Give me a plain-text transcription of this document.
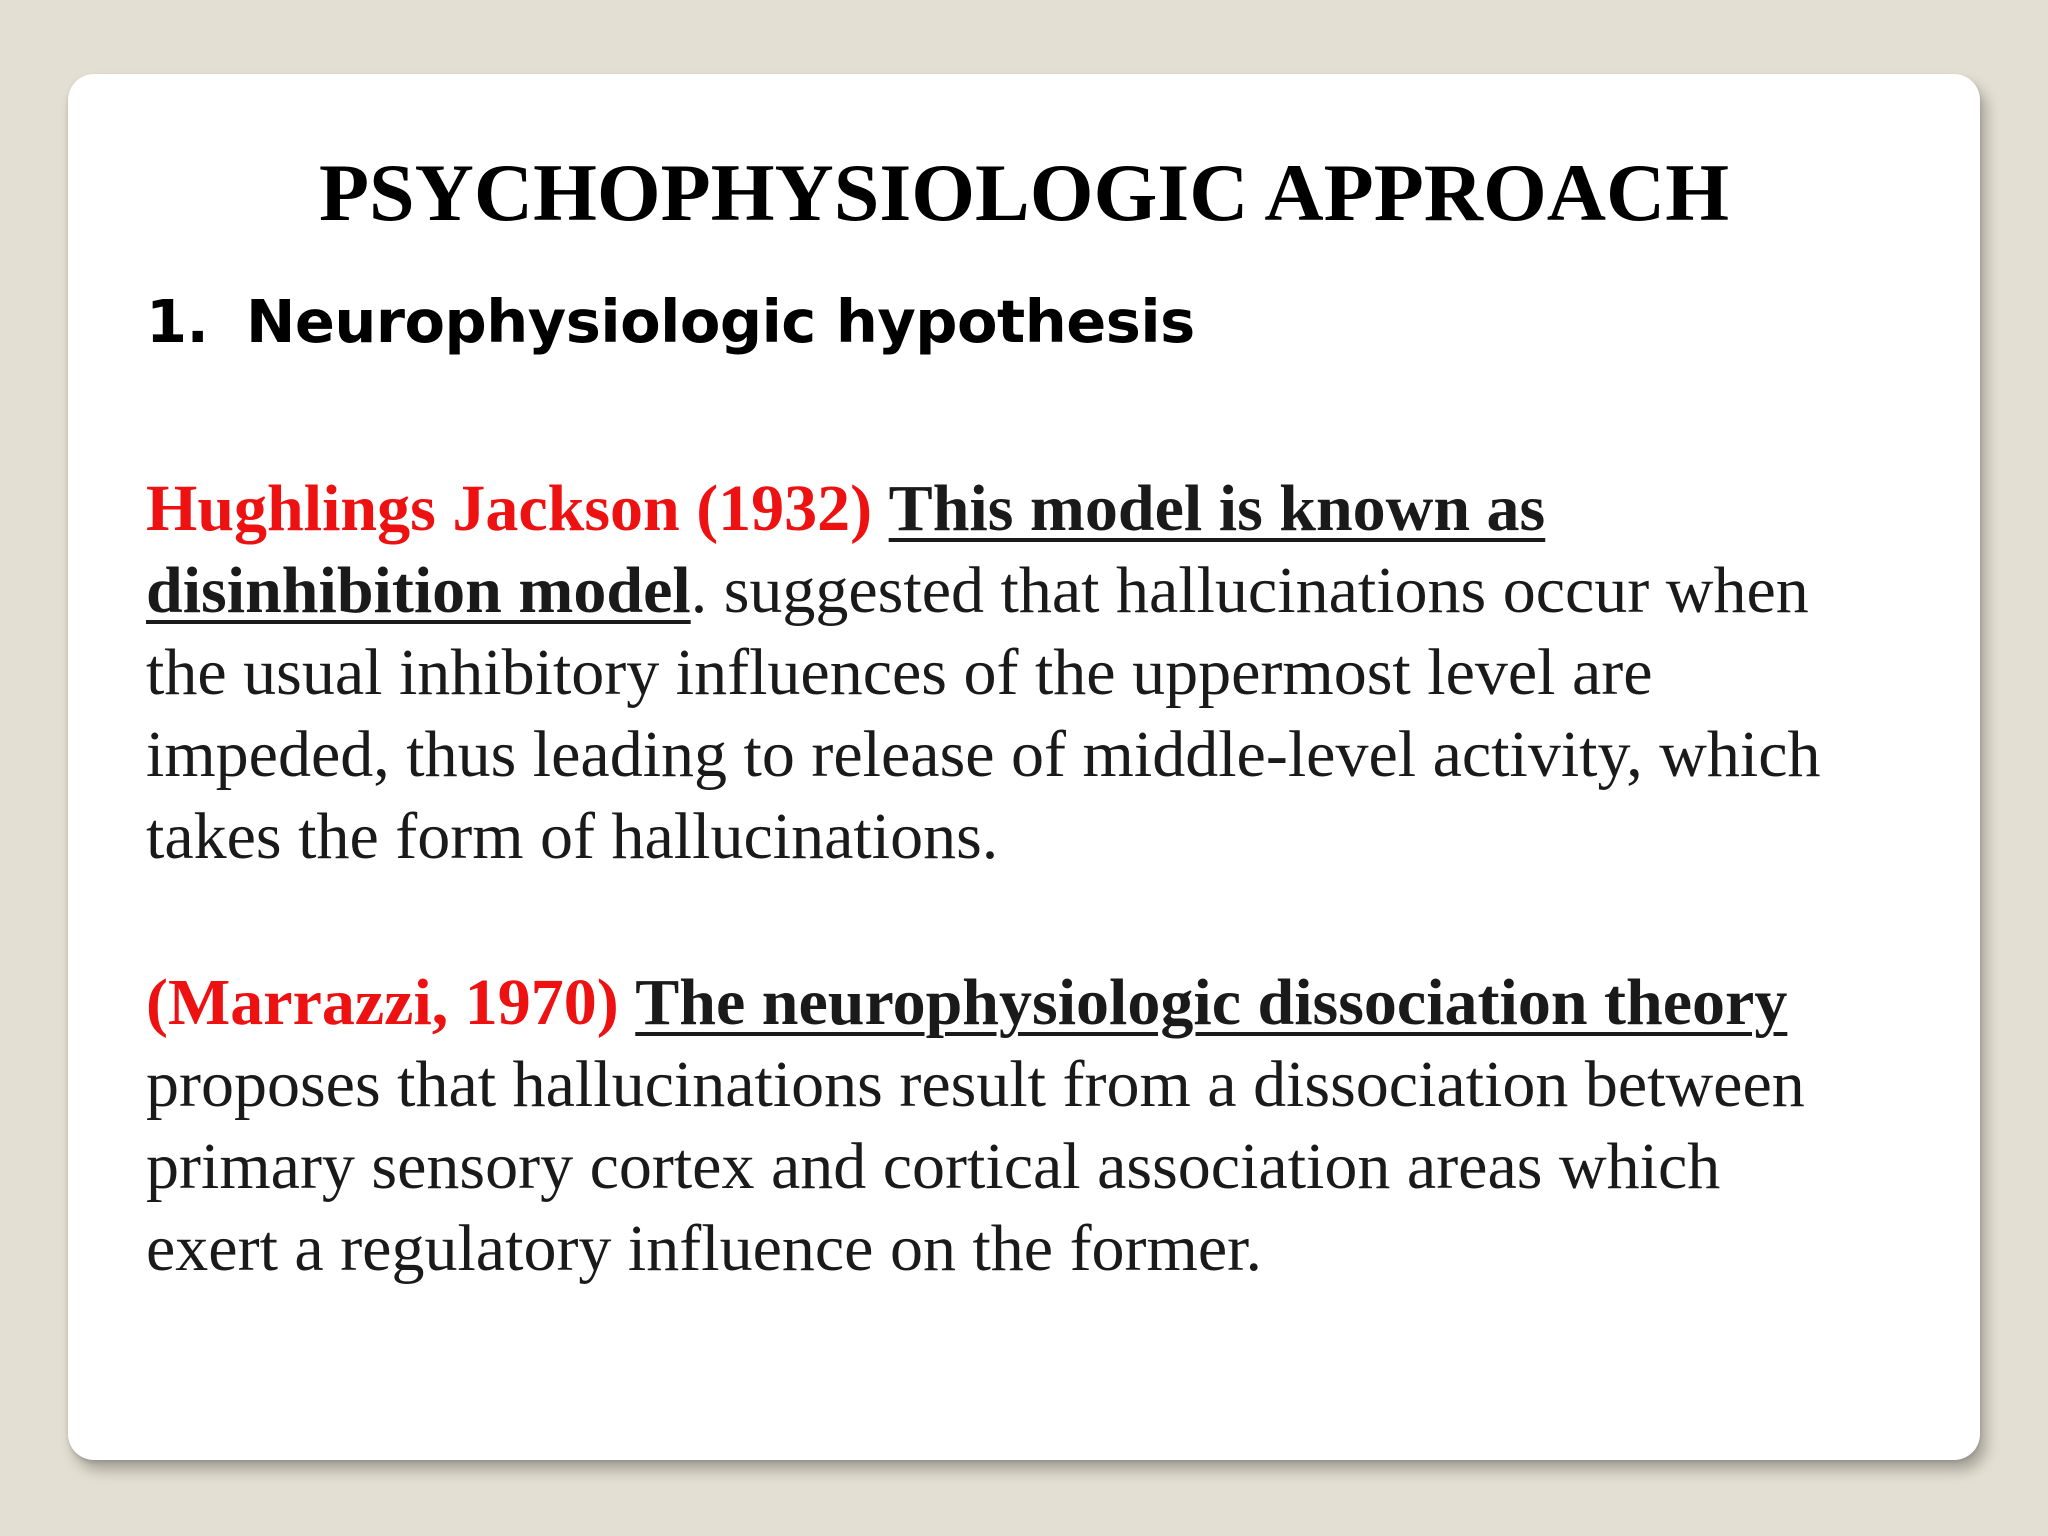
PSYCHOPHYSIOLOGIC APPROACH
1. Neurophysiologic hypothesis

Hughlings Jackson (1932) This model is known as
disinhibition model. suggested that hallucinations occur when
the usual inhibitory influences of the uppermost level are
impeded, thus leading to release of middle-level activity, which
takes the form of hallucinations.

(Marrazzi, 1970) The neurophysiologic dissociation theory
proposes that hallucinations result from a dissociation between
primary sensory cortex and cortical association areas which
exert a regulatory influence on the former.
